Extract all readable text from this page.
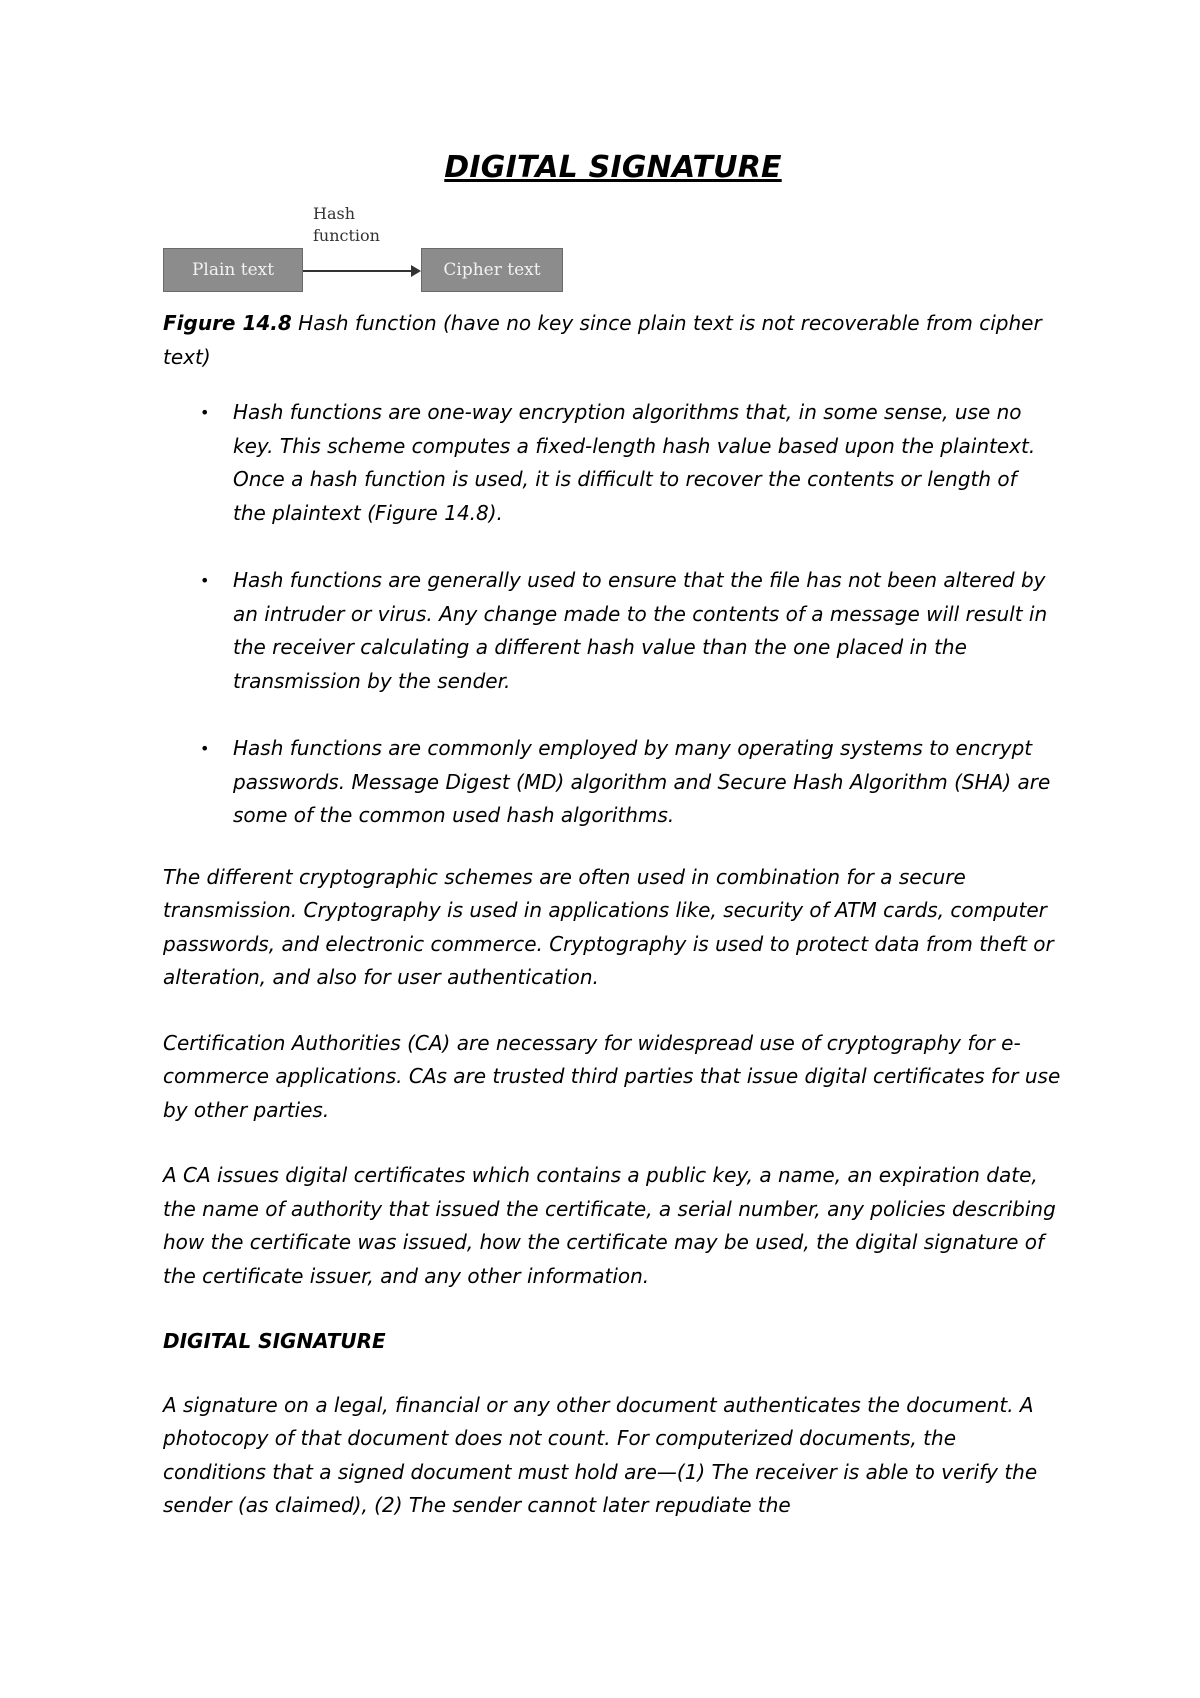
DIGITAL SIGNATURE
Plain text
Hash
function
Cipher text

Figure 14.8 Hash function (have no key since plain text is not recoverable from cipher text)

• Hash functions are one-way encryption algorithms that, in some sense, use no key. This scheme computes a fixed-length hash value based upon the plaintext. Once a hash function is used, it is difficult to recover the contents or length of the plaintext (Figure 14.8).
• Hash functions are generally used to ensure that the file has not been altered by an intruder or virus. Any change made to the contents of a message will result in the receiver calculating a different hash value than the one placed in the transmission by the sender.
• Hash functions are commonly employed by many operating systems to encrypt passwords. Message Digest (MD) algorithm and Secure Hash Algorithm (SHA) are some of the common used hash algorithms.

The different cryptographic schemes are often used in combination for a secure transmission. Cryptography is used in applications like, security of ATM cards, computer passwords, and electronic commerce. Cryptography is used to protect data from theft or alteration, and also for user authentication.

Certification Authorities (CA) are necessary for widespread use of cryptography for e-commerce applications. CAs are trusted third parties that issue digital certificates for use by other parties.

A CA issues digital certificates which contains a public key, a name, an expiration date, the name of authority that issued the certificate, a serial number, any policies describing how the certificate was issued, how the certificate may be used, the digital signature of the certificate issuer, and any other information.

DIGITAL SIGNATURE

A signature on a legal, financial or any other document authenticates the document. A photocopy of that document does not count. For computerized documents, the conditions that a signed document must hold are—(1) The receiver is able to verify the sender (as claimed), (2) The sender cannot later repudiate the
